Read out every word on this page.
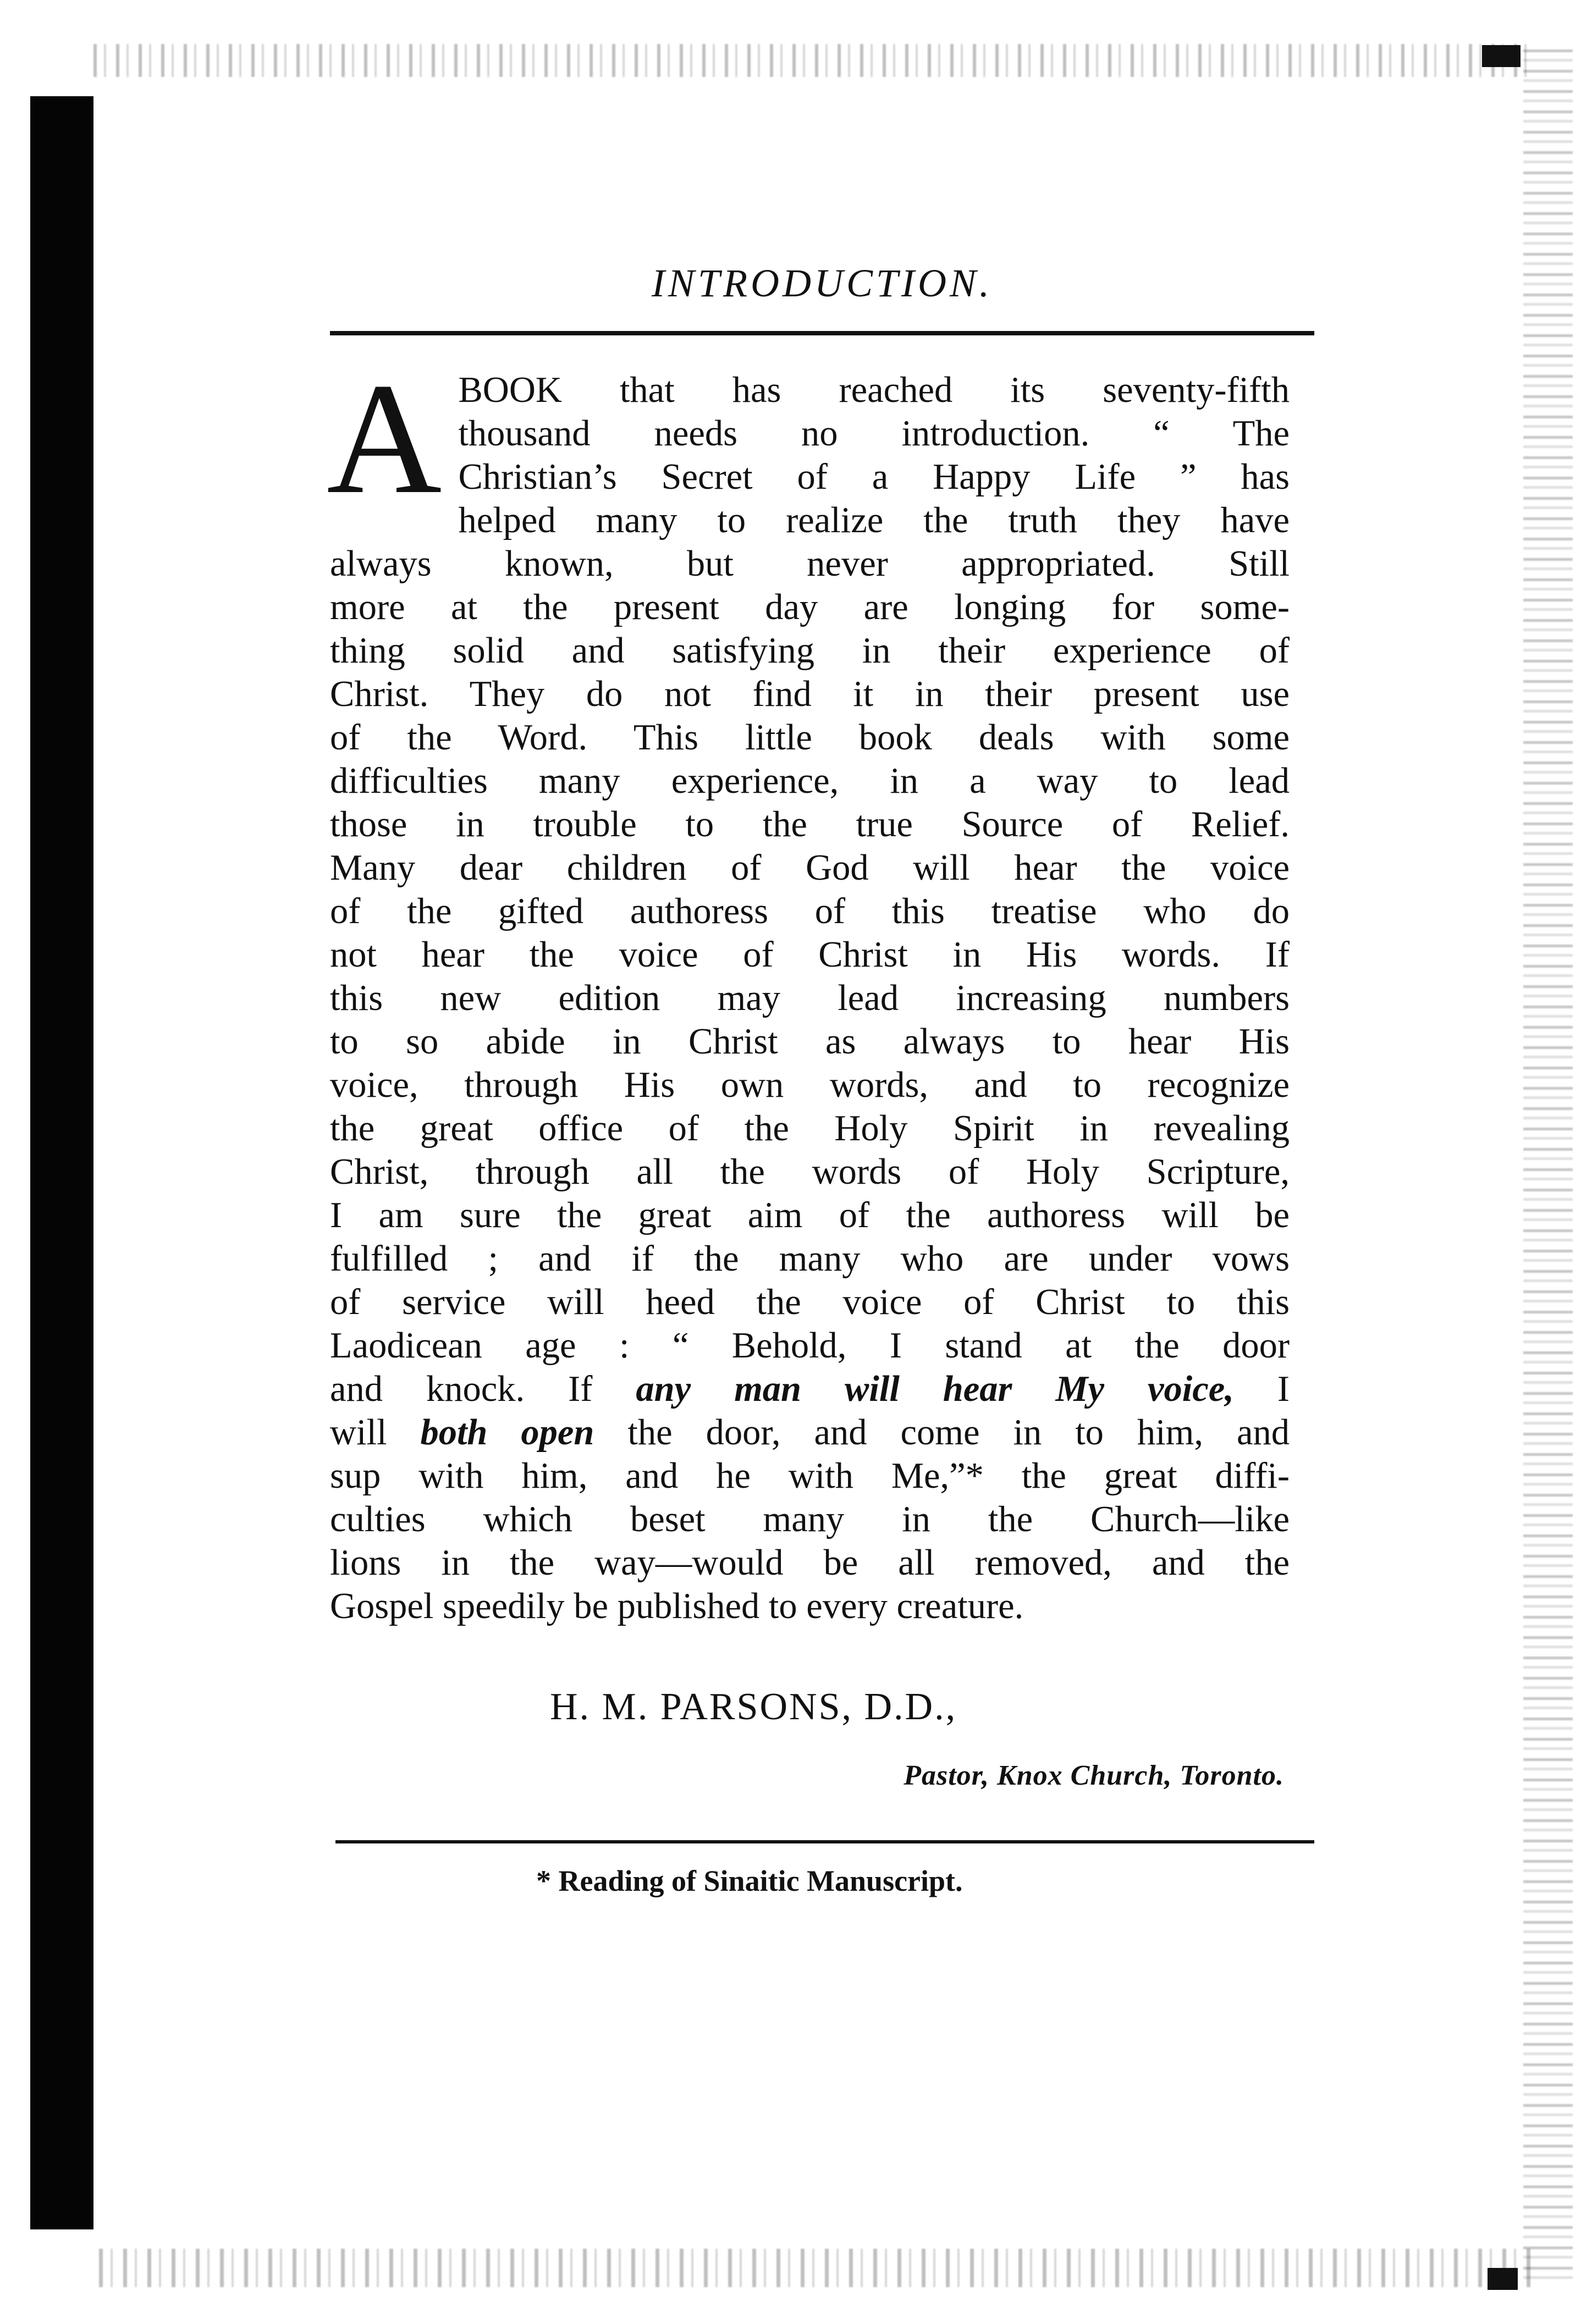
INTRODUCTION.
A BOOK that has reached its seventy-fifth
thousand needs no introduction. “ The
Christian’s Secret of a Happy Life ” has
helped many to realize the truth they have
always known, but never appropriated. Still
more at the present day are longing for some-
thing solid and satisfying in their experience of
Christ. They do not find it in their present use
of the Word. This little book deals with some
difficulties many experience, in a way to lead
those in trouble to the true Source of Relief.
Many dear children of God will hear the voice
of the gifted authoress of this treatise who do
not hear the voice of Christ in His words. If
this new edition may lead increasing numbers
to so abide in Christ as always to hear His
voice, through His own words, and to recognize
the great office of the Holy Spirit in revealing
Christ, through all the words of Holy Scripture,
I am sure the great aim of the authoress will be
fulfilled ; and if the many who are under vows
of service will heed the voice of Christ to this
Laodicean age : “ Behold, I stand at the door
and knock. If any man will hear My voice, I
will both open the door, and come in to him, and
sup with him, and he with Me,”* the great diffi-
culties which beset many in the Church—like
lions in the way—would be all removed, and the
Gospel speedily be published to every creature.
H. M. PARSONS, D.D.,
Pastor, Knox Church, Toronto.
* Reading of Sinaitic Manuscript.
